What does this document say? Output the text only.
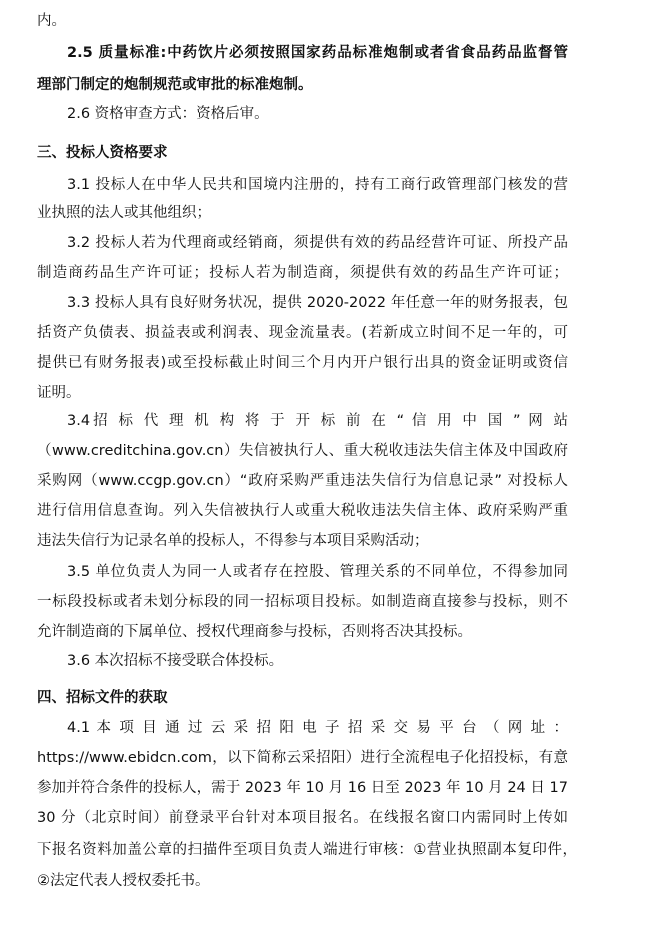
内。
2.5 质量标准:中药饮片必须按照国家药品标准炮制或者省食品药品监督管
理部门制定的炮制规范或审批的标准炮制。
2.6 资格审查方式：资格后审。
三、投标人资格要求
3.1 投标人在中华人民共和国境内注册的，持有工商行政管理部门核发的营
业执照的法人或其他组织；
3.2 投标人若为代理商或经销商，须提供有效的药品经营许可证、所投产品
制造商药品生产许可证；投标人若为制造商，须提供有效的药品生产许可证；
3.3 投标人具有良好财务状况，提供 2020-2022 年任意一年的财务报表，包
括资产负债表、损益表或利润表、现金流量表。(若新成立时间不足一年的，可
提供已有财务报表)或至投标截止时间三个月内开户银行出具的资金证明或资信
证明。
3.4招 标 代 理 机 构 将 于 开 标 前 在 “ 信 用 中 国 ” 网 站
（www.creditchina.gov.cn）失信被执行人、重大税收违法失信主体及中国政府
采购网（www.ccgp.gov.cn）“政府采购严重违法失信行为信息记录” 对投标人
进行信用信息查询。列入失信被执行人或重大税收违法失信主体、政府采购严重
违法失信行为记录名单的投标人，不得参与本项目采购活动；
3.5 单位负责人为同一人或者存在控股、管理关系的不同单位，不得参加同
一标段投标或者未划分标段的同一招标项目投标。如制造商直接参与投标，则不
允许制造商的下属单位、授权代理商参与投标，否则将否决其投标。
3.6 本次招标不接受联合体投标。
四、招标文件的获取
4.1 本 项 目 通 过 云 采 招 阳 电 子 招 采 交 易 平 台 （ 网 址 ：
https://www.ebidcn.com，以下简称云采招阳）进行全流程电子化招投标，有意
参加并符合条件的投标人，需于 2023 年 10 月 16 日至 2023 年 10 月 24 日 17
30 分（北京时间）前登录平台针对本项目报名。在线报名窗口内需同时上传如
下报名资料加盖公章的扫描件至项目负责人端进行审核：①营业执照副本复印件，
②法定代表人授权委托书。
